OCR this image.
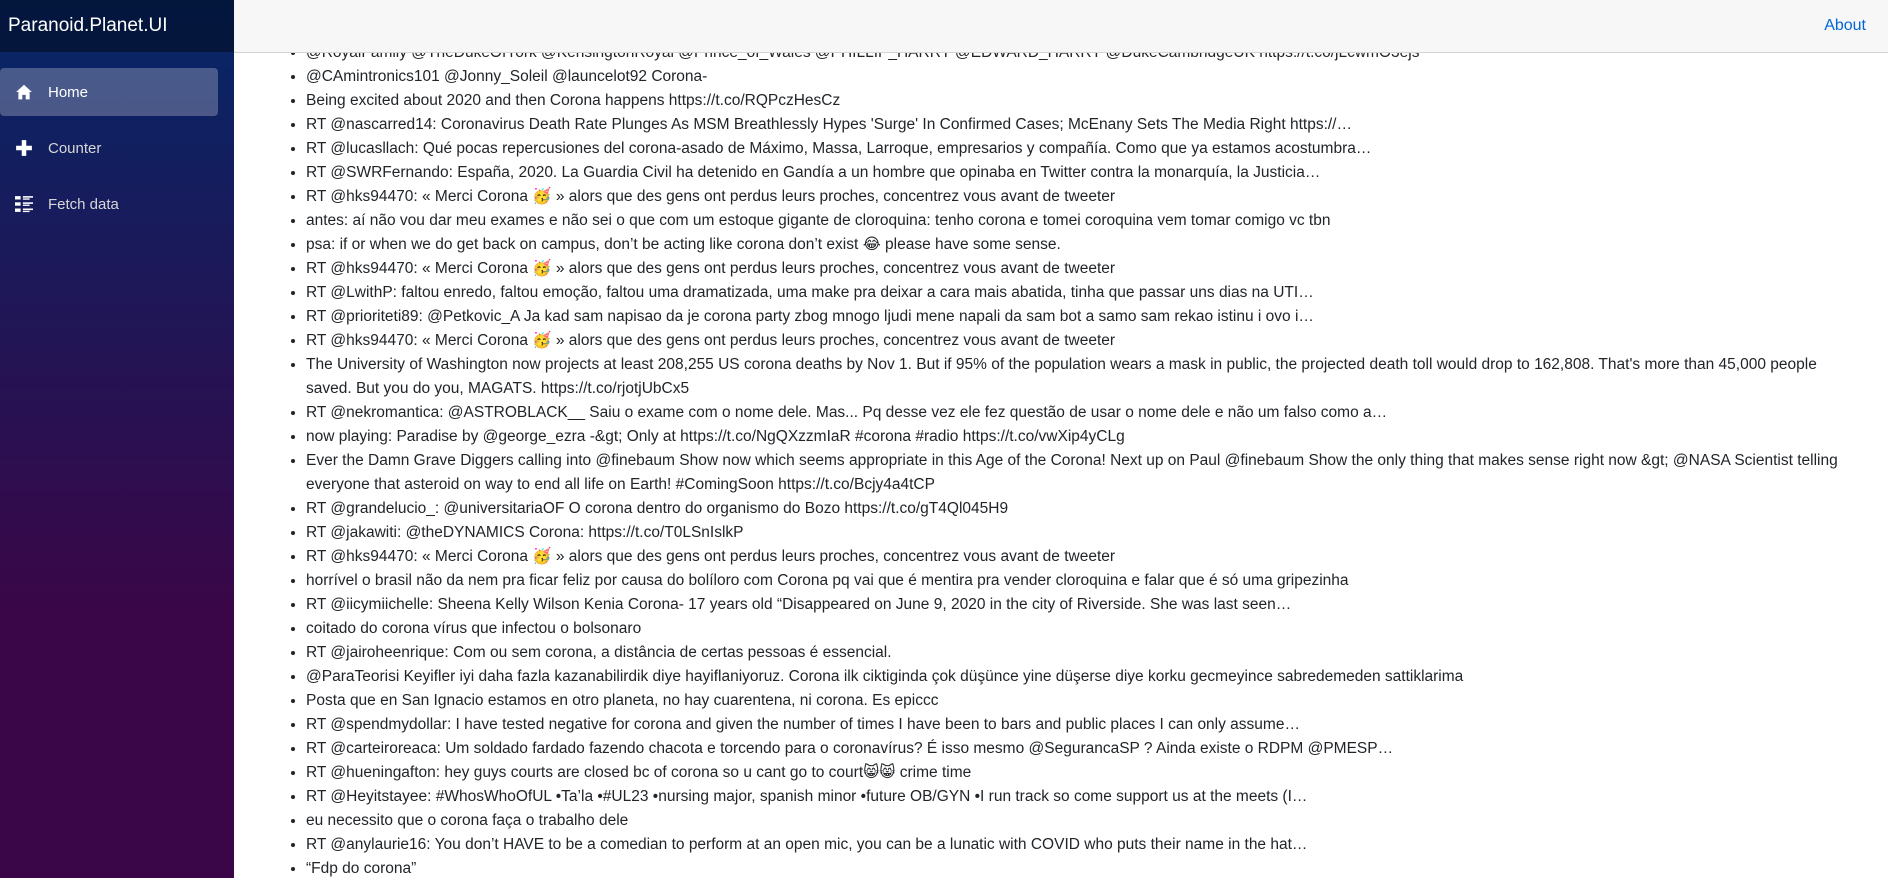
Paranoid.Planet.UI
Home
Counter
Fetch data
About
•
• @CAmintronics101 @Jonny_Soleil @launcelot92 Corona-
• Being excited about 2020 and then Corona happens https://t.co/RQPczHesCz
• RT @nascarred14: Coronavirus Death Rate Plunges As MSM Breathlessly Hypes 'Surge' In Confirmed Cases; McEnany Sets The Media Right https://…
• RT @lucasllach: Qué pocas repercusiones del corona-asado de Máximo, Massa, Larroque, empresarios y compañía. Como que ya estamos acostumbra…
• RT @SWRFernando: España, 2020. La Guardia Civil ha detenido en Gandía a un hombre que opinaba en Twitter contra la monarquía, la Justicia…
• RT @hks94470: « Merci Corona 🥳 » alors que des gens ont perdus leurs proches, concentrez vous avant de tweeter
• antes: aí não vou dar meu exames e não sei o que com um estoque gigante de cloroquina: tenho corona e tomei coroquina vem tomar comigo vc tbn
• psa: if or when we do get back on campus, don’t be acting like corona don’t exist 😂 please have some sense.
• RT @hks94470: « Merci Corona 🥳 » alors que des gens ont perdus leurs proches, concentrez vous avant de tweeter
• RT @LwithP: faltou enredo, faltou emoção, faltou uma dramatizada, uma make pra deixar a cara mais abatida, tinha que passar uns dias na UTI…
• RT @prioriteti89: @Petkovic_A Ja kad sam napisao da je corona party zbog mnogo ljudi mene napali da sam bot a samo sam rekao istinu i ovo i…
• RT @hks94470: « Merci Corona 🥳 » alors que des gens ont perdus leurs proches, concentrez vous avant de tweeter
• The University of Washington now projects at least 208,255 US corona deaths by Nov 1. But if 95% of the population wears a mask in public, the projected death toll would drop to 162,808. That's more than 45,000 people saved. But you do you, MAGATS. https://t.co/rjotjUbCx5
• RT @nekromantica: @ASTROBLACK__ Saiu o exame com o nome dele. Mas... Pq desse vez ele fez questão de usar o nome dele e não um falso como a…
• now playing: Paradise by @george_ezra -&gt; Only at https://t.co/NgQXzzmIaR #corona #radio https://t.co/vwXip4yCLg
• Ever the Damn Grave Diggers calling into @finebaum Show now which seems appropriate in this Age of the Corona! Next up on Paul @finebaum Show the only thing that makes sense right now &gt; @NASA Scientist telling everyone that asteroid on way to end all life on Earth! #ComingSoon https://t.co/Bcjy4a4tCP
• RT @grandelucio_: @universitariaOF O corona dentro do organismo do Bozo https://t.co/gT4Ql045H9
• RT @jakawiti: @theDYNAMICS Corona: https://t.co/T0LSnIslkP
• RT @hks94470: « Merci Corona 🥳 » alors que des gens ont perdus leurs proches, concentrez vous avant de tweeter
• horrível o brasil não da nem pra ficar feliz por causa do bolíloro com Corona pq vai que é mentira pra vender cloroquina e falar que é só uma gripezinha
• RT @iicymiichelle: Sheena Kelly Wilson Kenia Corona- 17 years old “Disappeared on June 9, 2020 in the city of Riverside. She was last seen…
• coitado do corona vírus que infectou o bolsonaro
• RT @jairoheenrique: Com ou sem corona, a distância de certas pessoas é essencial.
• @ParaTeorisi Keyifler iyi daha fazla kazanabilirdik diye hayiflaniyoruz. Corona ilk ciktiginda çok düşünce yine düşerse diye korku gecmeyince sabredemeden sattiklarima
• Posta que en San Ignacio estamos en otro planeta, no hay cuarentena, ni corona. Es epiccc
• RT @spendmydollar: I have tested negative for corona and given the number of times I have been to bars and public places I can only assume…
• RT @carteiroreaca: Um soldado fardado fazendo chacota e torcendo para o coronavírus? É isso mesmo @SegurancaSP ? Ainda existe o RDPM @PMESP…
• RT @hueningafton: hey guys courts are closed bc of corona so u cant go to court😸😸 crime time
• RT @Heyitstayee: #WhosWhoOfUL •Ta’la •#UL23 •nursing major, spanish minor •future OB/GYN •I run track so come support us at the meets (I…
• eu necessito que o corona faça o trabalho dele
• RT @anylaurie16: You don’t HAVE to be a comedian to perform at an open mic, you can be a lunatic with COVID who puts their name in the hat…
• “Fdp do corona”
